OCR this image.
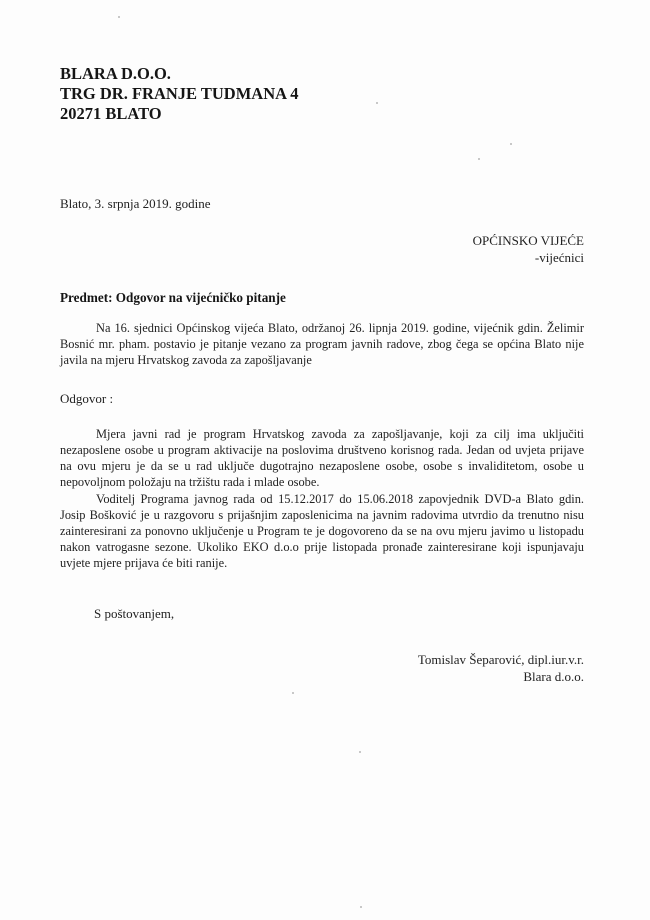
BLARA D.O.O.
TRG DR. FRANJE TUDMANA 4
20271 BLATO
Blato, 3. srpnja 2019. godine
OPĆINSKO VIJEĆE
-vijećnici
Predmet: Odgovor na vijećničko pitanje

Na 16. sjednici Općinskog vijeća Blato, održanoj 26. lipnja 2019. godine, vijećnik gdin. Želimir Bosnić mr. pham. postavio je pitanje vezano za program javnih radove, zbog čega se općina Blato nije javila na mjeru Hrvatskog zavoda za zapošljavanje

Odgovor :

Mjera javni rad je program Hrvatskog zavoda za zapošljavanje, koji za cilj ima uključiti nezaposlene osobe u program aktivacije na poslovima društveno korisnog rada. Jedan od uvjeta prijave na ovu mjeru je da se u rad uključe dugotrajno nezaposlene osobe, osobe s invaliditetom, osobe u nepovoljnom položaju na tržištu rada i mlade osobe.

Voditelj Programa javnog rada od 15.12.2017 do 15.06.2018 zapovjednik DVD-a Blato gdin. Josip Bošković je u razgovoru s prijašnjim zaposlenicima na javnim radovima utvrdio da trenutno nisu zainteresirani za ponovno uključenje u Program te je dogovoreno da se na ovu mjeru javimo u listopadu nakon vatrogasne sezone. Ukoliko EKO d.o.o prije listopada pronađe zainteresirane koji ispunjavaju uvjete mjere prijava će biti ranije.

S poštovanjem,
Tomislav Šeparović, dipl.iur.v.r.
Blara d.o.o.
